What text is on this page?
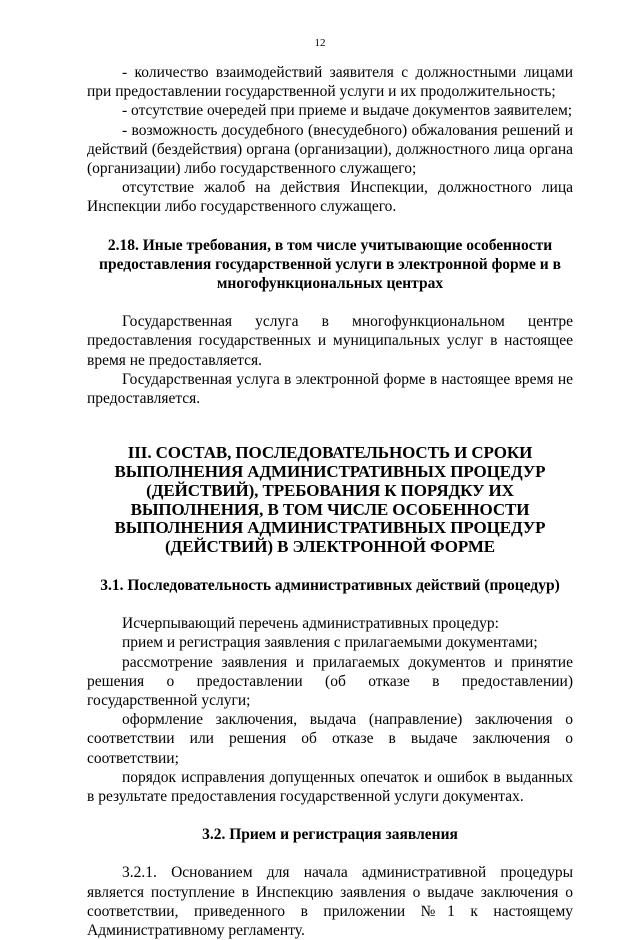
12

- количество взаимодействий заявителя с должностными лицами при предоставлении государственной услуги и их продолжительность;

- отсутствие очередей при приеме и выдаче документов заявителем;

- возможность досудебного (внесудебного) обжалования решений и действий (бездействия) органа (организации), должностного лица органа (организации) либо государственного служащего;

отсутствие жалоб на действия Инспекции, должностного лица Инспекции либо государственного служащего.

2.18. Иные требования, в том числе учитывающие особенности предоставления государственной услуги в электронной форме и в многофункциональных центрах

Государственная услуга в многофункциональном центре предоставления государственных и муниципальных услуг в настоящее время не предоставляется.

Государственная услуга в электронной форме в настоящее время не предоставляется.

III. СОСТАВ, ПОСЛЕДОВАТЕЛЬНОСТЬ И СРОКИ ВЫПОЛНЕНИЯ АДМИНИСТРАТИВНЫХ ПРОЦЕДУР (ДЕЙСТВИЙ), ТРЕБОВАНИЯ К ПОРЯДКУ ИХ ВЫПОЛНЕНИЯ, В ТОМ ЧИСЛЕ ОСОБЕННОСТИ ВЫПОЛНЕНИЯ АДМИНИСТРАТИВНЫХ ПРОЦЕДУР (ДЕЙСТВИЙ) В ЭЛЕКТРОННОЙ ФОРМЕ

3.1. Последовательность административных действий (процедур)

Исчерпывающий перечень административных процедур:

прием и регистрация заявления с прилагаемыми документами;

рассмотрение заявления и прилагаемых документов и принятие решения о предоставлении (об отказе в предоставлении) государственной услуги;

оформление заключения, выдача (направление) заключения о соответствии или решения об отказе в выдаче заключения о соответствии;

порядок исправления допущенных опечаток и ошибок в выданных в результате предоставления государственной услуги документах.

3.2. Прием и регистрация заявления

3.2.1. Основанием для начала административной процедуры является поступление в Инспекцию заявления о выдаче заключения о соответствии, приведенного в приложении №1 к настоящему Административному регламенту.
